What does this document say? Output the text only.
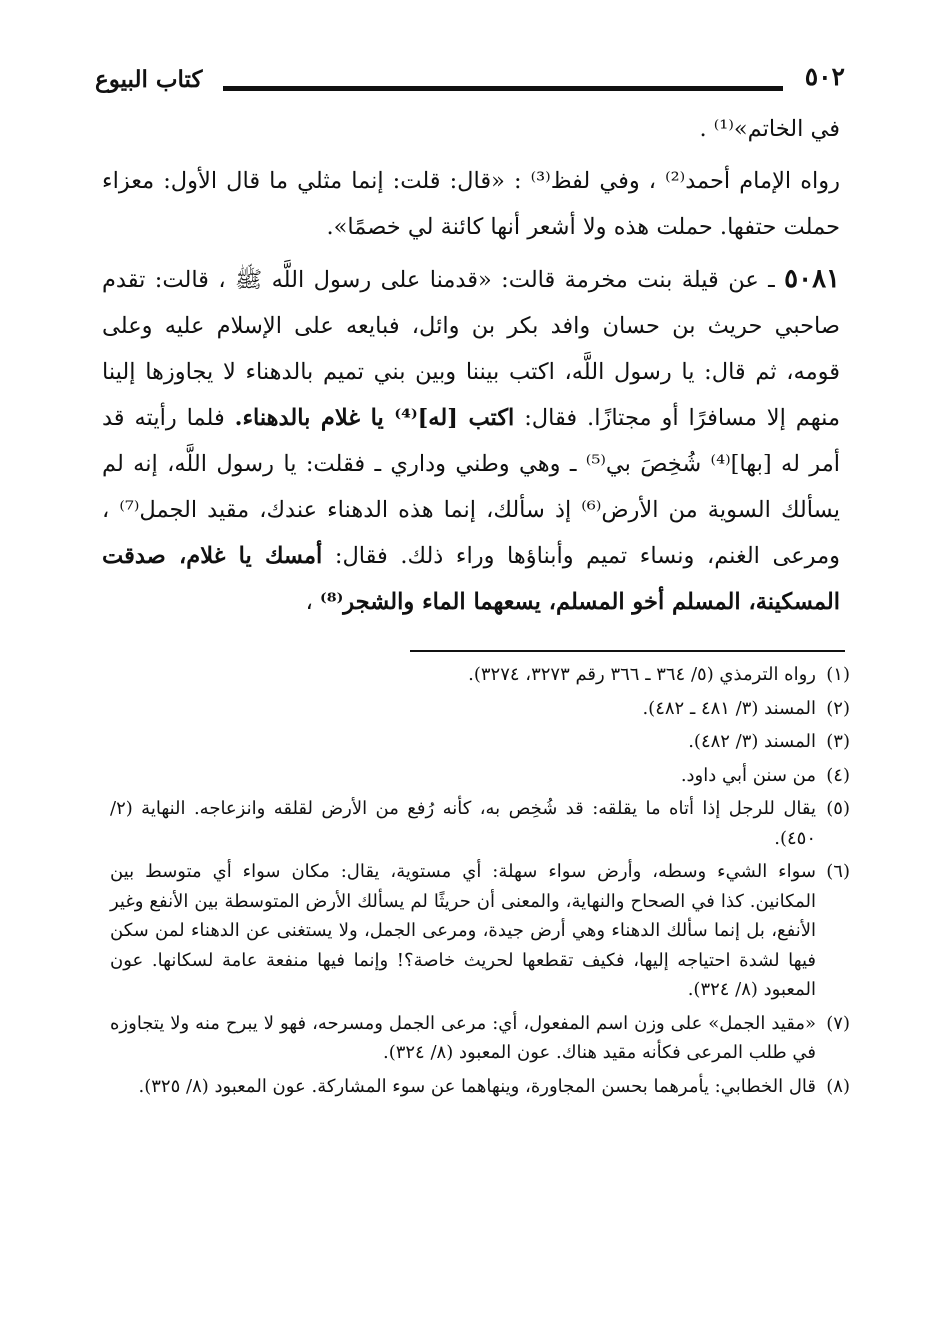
٥٠٢
كتاب البيوع

في الخاتم»⁽¹⁾ .

رواه الإمام أحمد⁽²⁾ ، وفي لفظ⁽³⁾ : «قال: قلت: إنما مثلي ما قال الأول: معزاء حملت حتفها. حملت هذه ولا أشعر أنها كائنة لي خصمًا».

٥٠٨١ ـ عن قيلة بنت مخرمة قالت: «قدمنا على رسول اللَّه ﷺ ، قالت: تقدم صاحبي حريث بن حسان وافد بكر بن وائل، فبايعه على الإسلام عليه وعلى قومه، ثم قال: يا رسول اللَّه، اكتب بيننا وبين بني تميم بالدهناء لا يجاوزها إلينا منهم إلا مسافرًا أو مجتازًا. فقال: اكتب [له]⁽⁴⁾ يا غلام بالدهناء. فلما رأيته قد أمر له [بها]⁽⁴⁾ شُخِصَ بي⁽⁵⁾ ـ وهي وطني وداري ـ فقلت: يا رسول اللَّه، إنه لم يسألك السوية من الأرض⁽⁶⁾ إذ سألك، إنما هذه الدهناء عندك، مقيد الجمل⁽⁷⁾ ، ومرعى الغنم، ونساء تميم وأبناؤها وراء ذلك. فقال: أمسك يا غلام، صدقت المسكينة، المسلم أخو المسلم، يسعهما الماء والشجر⁽⁸⁾ ،

(١)
رواه الترمذي (٥/ ٣٦٤ ـ ٣٦٦ رقم ٣٢٧٣، ٣٢٧٤).
(٢)
المسند (٣/ ٤٨١ ـ ٤٨٢).
(٣)
المسند (٣/ ٤٨٢).
(٤)
من سنن أبي داود.
(٥)
يقال للرجل إذا أتاه ما يقلقه: قد شُخِص به، كأنه رُفع من الأرض لقلقه وانزعاجه. النهاية (٢/ ٤٥٠).
(٦)
سواء الشيء وسطه، وأرض سواء سهلة: أي مستوية، يقال: مكان سواء أي متوسط بين المكانين. كذا في الصحاح والنهاية، والمعنى أن حريثًا لم يسألك الأرض المتوسطة بين الأنفع وغير الأنفع، بل إنما سألك الدهناء وهي أرض جيدة، ومرعى الجمل، ولا يستغنى عن الدهناء لمن سكن فيها لشدة احتياجه إليها، فكيف تقطعها لحريث خاصة؟! وإنما فيها منفعة عامة لسكانها. عون المعبود (٨/ ٣٢٤).
(٧)
«مقيد الجمل» على وزن اسم المفعول، أي: مرعى الجمل ومسرحه، فهو لا يبرح منه ولا يتجاوزه في طلب المرعى فكأنه مقيد هناك. عون المعبود (٨/ ٣٢٤).
(٨)
قال الخطابي: يأمرهما بحسن المجاورة، وينهاهما عن سوء المشاركة. عون المعبود (٨/ ٣٢٥).
